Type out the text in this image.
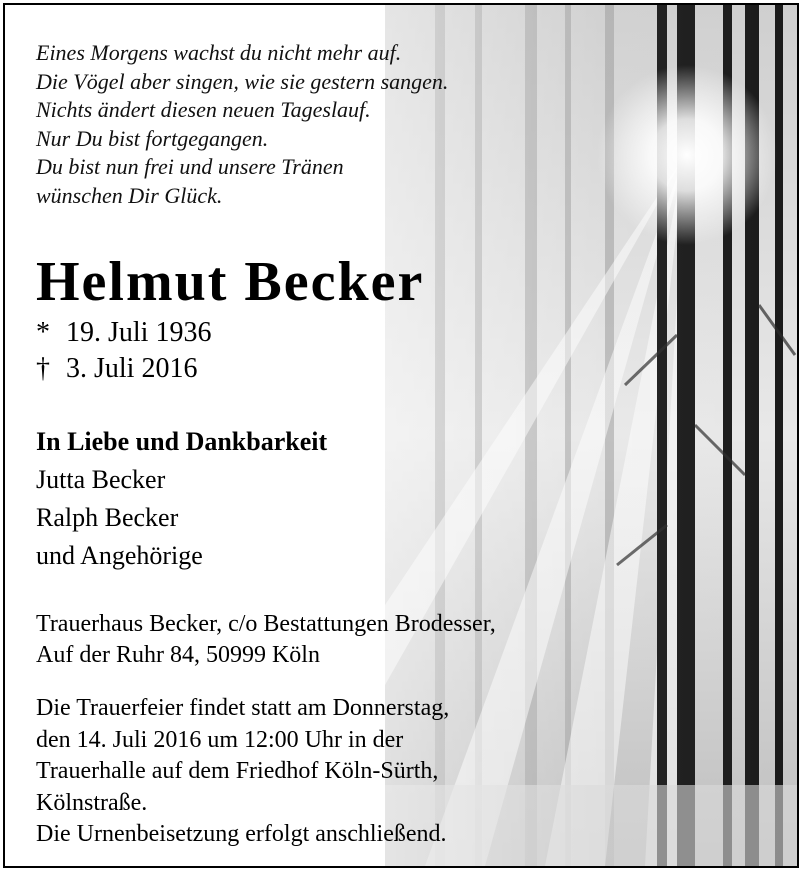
Eines Morgens wachst du nicht mehr auf.
Die Vögel aber singen, wie sie gestern sangen.
Nichts ändert diesen neuen Tageslauf.
Nur Du bist fortgegangen.
Du bist nun frei und unsere Tränen
wünschen Dir Glück.
Helmut Becker
* 19. Juli 1936
† 3. Juli 2016
In Liebe und Dankbarkeit
Jutta Becker
Ralph Becker
und Angehörige
Trauerhaus Becker, c/o Bestattungen Brodesser,
Auf der Ruhr 84, 50999 Köln
Die Trauerfeier findet statt am Donnerstag,
den 14. Juli 2016 um 12:00 Uhr in der
Trauerhalle auf dem Friedhof Köln-Sürth,
Kölnstraße.
Die Urnenbeisetzung erfolgt anschließend.
